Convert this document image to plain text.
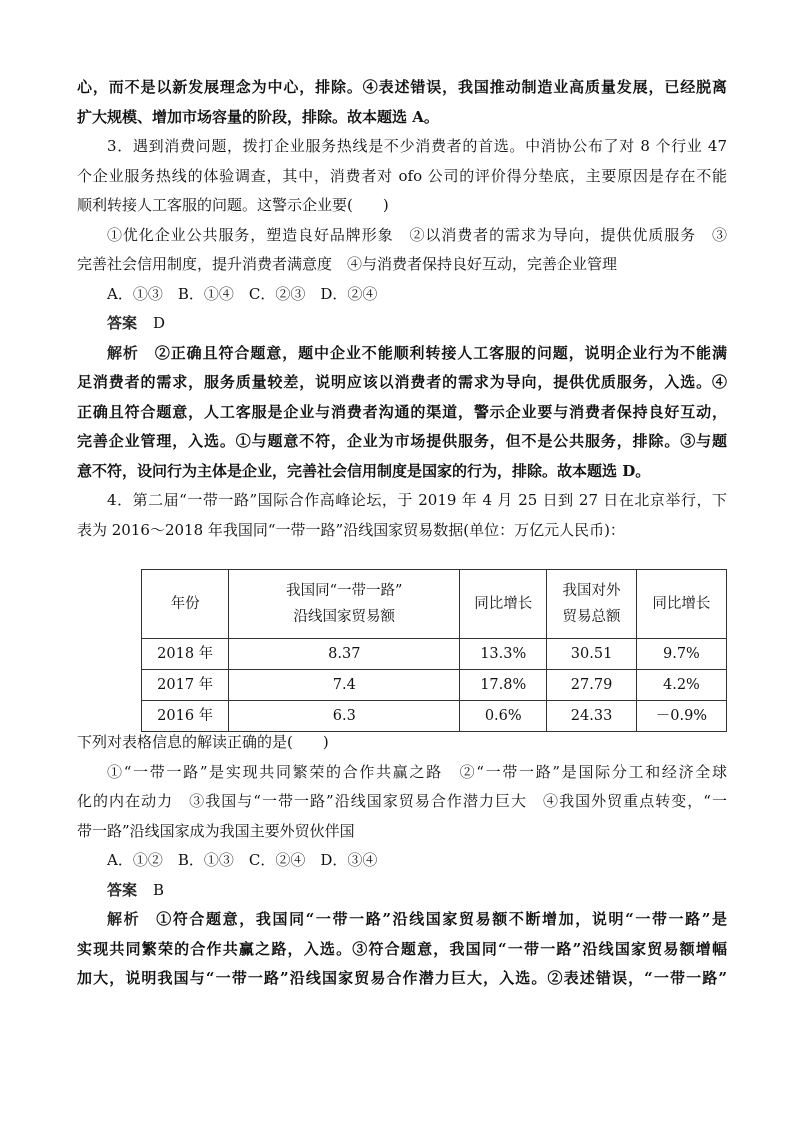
心，而不是以新发展理念为中心，排除。④表述错误，我国推动制造业高质量发展，已经脱离

扩大规模、增加市场容量的阶段，排除。故本题选 A。

3．遇到消费问题，拨打企业服务热线是不少消费者的首选。中消协公布了对 8 个行业 47

个企业服务热线的体验调查，其中，消费者对 ofo 公司的评价得分垫底，主要原因是存在不能

顺利转接人工客服的问题。这警示企业要(　　)

①优化企业公共服务，塑造良好品牌形象　②以消费者的需求为导向，提供优质服务　③

完善社会信用制度，提升消费者满意度　④与消费者保持良好互动，完善企业管理

A．①③　B．①④　C．②③　D．②④

答案 D

解析 ②正确且符合题意，题中企业不能顺利转接人工客服的问题，说明企业行为不能满

足消费者的需求，服务质量较差，说明应该以消费者的需求为导向，提供优质服务，入选。④

正确且符合题意，人工客服是企业与消费者沟通的渠道，警示企业要与消费者保持良好互动，

完善企业管理，入选。①与题意不符，企业为市场提供服务，但不是公共服务，排除。③与题

意不符，设问行为主体是企业，完善社会信用制度是国家的行为，排除。故本题选 D。

4．第二届“一带一路”国际合作高峰论坛，于 2019 年 4 月 25 日到 27 日在北京举行，下

表为 2016～2018 年我国同“一带一路”沿线国家贸易数据(单位：万亿元人民币)：

年份	我国同“一带一路”
沿线国家贸易额	同比增长	我国对外
贸易总额	同比增长
2018 年	8.37	13.3%	30.51	9.7%
2017 年	7.4	17.8%	27.79	4.2%
2016 年	6.3	0.6%	24.33	－0.9%

下列对表格信息的解读正确的是(　　)

①“一带一路”是实现共同繁荣的合作共赢之路　②“一带一路”是国际分工和经济全球

化的内在动力　③我国与“一带一路”沿线国家贸易合作潜力巨大　④我国外贸重点转变，“一

带一路”沿线国家成为我国主要外贸伙伴国

A．①②　B．①③　C．②④　D．③④

答案 B

解析 ①符合题意，我国同“一带一路”沿线国家贸易额不断增加，说明“一带一路”是

实现共同繁荣的合作共赢之路，入选。③符合题意，我国同“一带一路”沿线国家贸易额增幅

加大，说明我国与“一带一路”沿线国家贸易合作潜力巨大，入选。②表述错误，“一带一路”
